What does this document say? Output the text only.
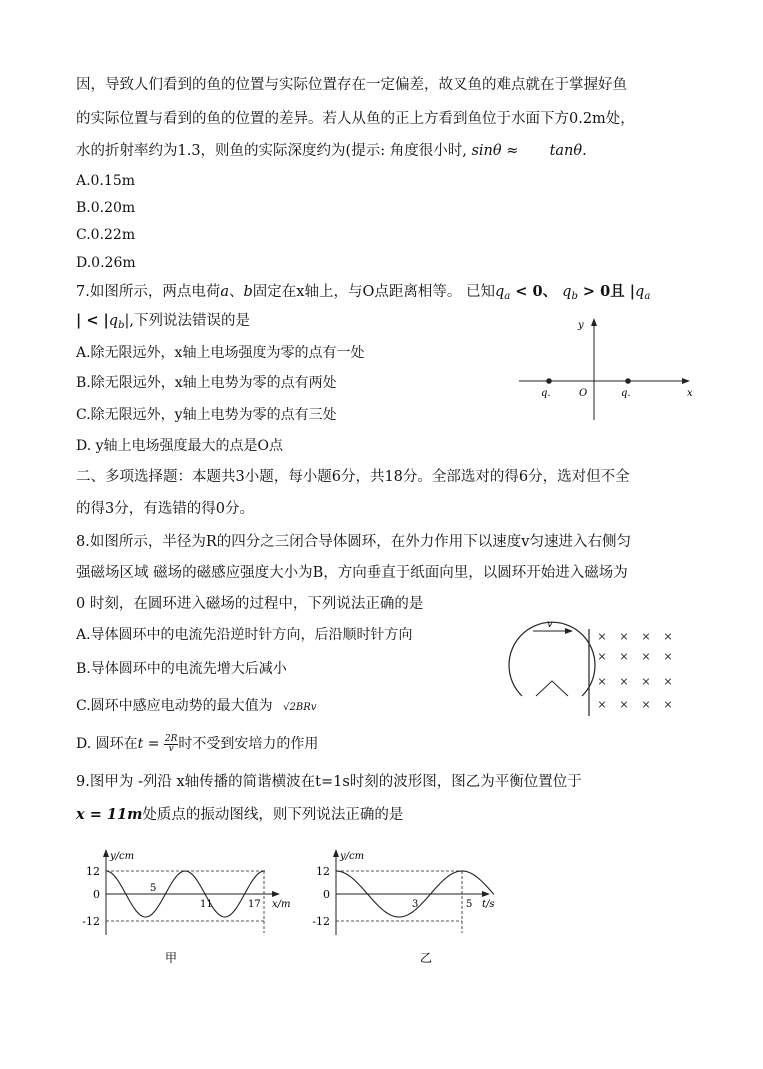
因，导致人们看到的鱼的位置与实际位置存在一定偏差，故叉鱼的难点就在于掌握好鱼
的实际位置与看到的鱼的位置的差异。若人从鱼的正上方看到鱼位于水面下方0.2m处，
水的折射率约为1.3，则鱼的实际深度约为(提示: 角度很小时, sinθ ≈ tanθ.
A.0.15m
B.0.20m
C.0.22m
D.0.26m
7.如图所示，两点电荷a、b固定在x轴上，与O点距离相等。 已知$q_a < 0$、 $q_b > 0$且 $|q_a$
| < $|q_b|$,下列说法错误的是
A.除无限远外，x轴上电场强度为零的点有一处
B.除无限远外，x轴上电势为零的点有两处
C.除无限远外，y轴上电势为零的点有三处
D. y轴上电场强度最大的点是O点
y
x
O
q.	q.
二、多项选择题：本题共3小题，每小题6分，共18分。全部选对的得6分，选对但不全
的得3分，有选错的得0分。
8.如图所示，半径为R的四分之三闭合导体圆环，在外力作用下以速度v匀速进入右侧匀
强磁场区域 磁场的磁感应强度大小为B，方向垂直于纸面向里，以圆环开始进入磁场为
0 时刻，在圆环进入磁场的过程中，下列说法正确的是
A.导体圆环中的电流先沿逆时针方向，后沿顺时针方向
B.导体圆环中的电流先增大后减小
C.圆环中感应电动势的最大值为 √2BRv
D. 圆环在$t = \frac{2R}{v}$ 时不受到安培力的作用
v
× × × ×
× × × ×
× × × ×
× × × ×
9.图甲为 -列沿 x轴传播的简谐横波在t=1s时刻的波形图，图乙为平衡位置位于
x = 11m处质点的振动图线，则下列说法正确的是
12
0
-12
5
11	17
y/cm
x/m
甲
12
0
-12
3	5
y/cm
t/s
乙
